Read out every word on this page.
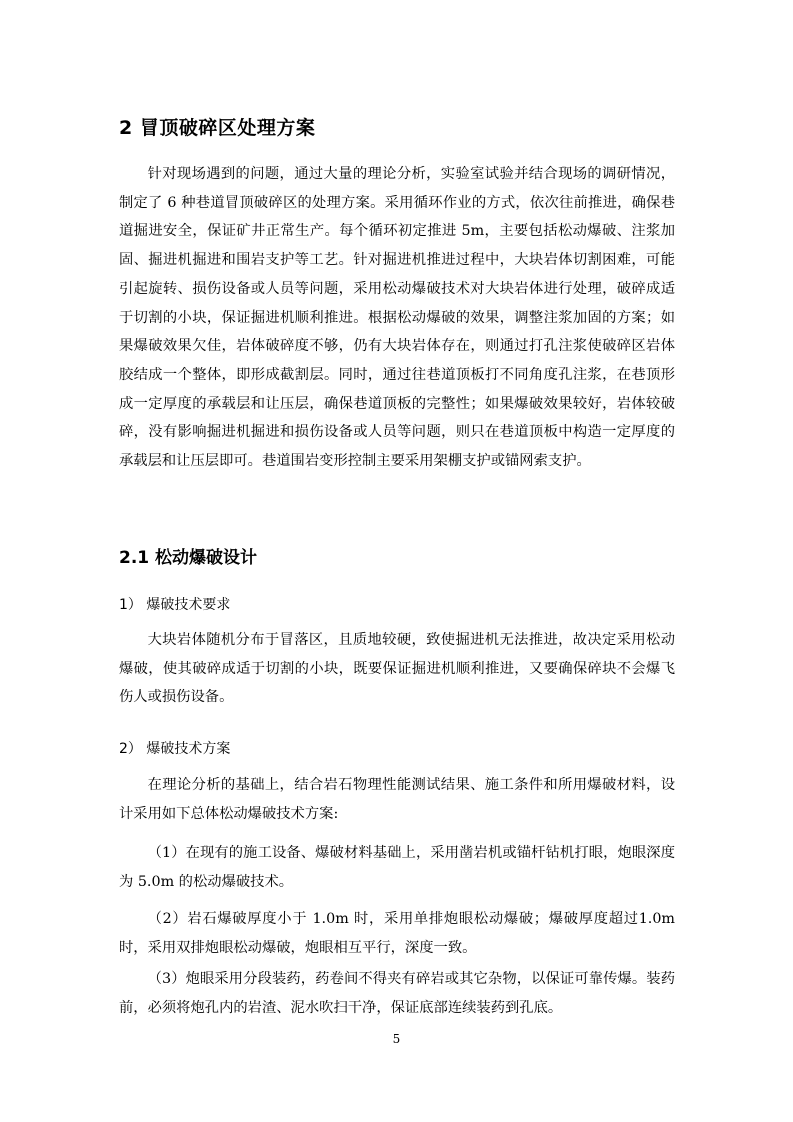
2 冒顶破碎区处理方案

针对现场遇到的问题，通过大量的理论分析，实验室试验并结合现场的调研情况，制定了 6 种巷道冒顶破碎区的处理方案。采用循环作业的方式，依次往前推进，确保巷道掘进安全，保证矿井正常生产。每个循环初定推进 5m，主要包括松动爆破、注浆加固、掘进机掘进和围岩支护等工艺。针对掘进机推进过程中，大块岩体切割困难，可能引起旋转、损伤设备或人员等问题，采用松动爆破技术对大块岩体进行处理，破碎成适于切割的小块，保证掘进机顺利推进。根据松动爆破的效果，调整注浆加固的方案；如果爆破效果欠佳，岩体破碎度不够，仍有大块岩体存在，则通过打孔注浆使破碎区岩体胶结成一个整体，即形成截割层。同时，通过往巷道顶板打不同角度孔注浆，在巷顶形成一定厚度的承载层和让压层，确保巷道顶板的完整性；如果爆破效果较好，岩体较破碎，没有影响掘进机掘进和损伤设备或人员等问题，则只在巷道顶板中构造一定厚度的承载层和让压层即可。巷道围岩变形控制主要采用架棚支护或锚网索支护。

2.1 松动爆破设计

1） 爆破技术要求

大块岩体随机分布于冒落区，且质地较硬，致使掘进机无法推进，故决定采用松动爆破，使其破碎成适于切割的小块，既要保证掘进机顺利推进，又要确保碎块不会爆飞伤人或损伤设备。

2） 爆破技术方案

在理论分析的基础上，结合岩石物理性能测试结果、施工条件和所用爆破材料，设计采用如下总体松动爆破技术方案:

（1）在现有的施工设备、爆破材料基础上，采用凿岩机或锚杆钻机打眼，炮眼深度为 5.0m 的松动爆破技术。

（2）岩石爆破厚度小于 1.0m 时，采用单排炮眼松动爆破；爆破厚度超过1.0m 时，采用双排炮眼松动爆破，炮眼相互平行，深度一致。

（3）炮眼采用分段装药，药卷间不得夹有碎岩或其它杂物，以保证可靠传爆。装药前，必须将炮孔内的岩渣、泥水吹扫干净，保证底部连续装药到孔底。

5
